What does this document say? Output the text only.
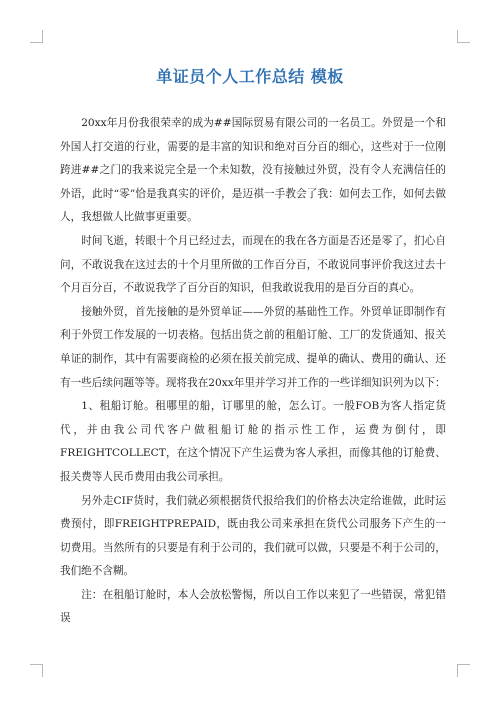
单证员个人工作总结 模板

20xx年月份我很荣幸的成为##国际贸易有限公司的一名员工。外贸是一个和外国人打交道的行业，需要的是丰富的知识和绝对百分百的细心，这些对于一位刚跨进##之门的我来说完全是一个未知数，没有接触过外贸，没有令人充满信任的外语，此时“零”恰是我真实的评价，是迈祺一手教会了我：如何去工作，如何去做人，我想做人比做事更重要。

时间飞逝，转眼十个月已经过去，而现在的我在各方面是否还是零了，扪心自问，不敢说我在这过去的十个月里所做的工作百分百，不敢说同事评价我这过去十个月百分百，不敢说我学了百分百的知识，但我敢说我用的是百分百的真心。

接触外贸，首先接触的是外贸单证——外贸的基础性工作。外贸单证即制作有利于外贸工作发展的一切表格。包括出货之前的租船订舱、工厂的发货通知、报关单证的制作，其中有需要商检的必须在报关前完成、提单的确认、费用的确认、还有一些后续问题等等。现将我在20xx年里并学习并工作的一些详细知识列为以下：

1、租船订舱。租哪里的船，订哪里的舱，怎么订。一般FOB为客人指定货代，并由我公司代客户做租船订舱的指示性工作，运费为倒付，即FREIGHTCOLLECT，在这个情况下产生运费为客人承担，而像其他的订舱费、报关费等人民币费用由我公司承担。

另外走CIF货时，我们就必须根据货代报给我们的价格去决定给谁做，此时运费预付，即FREIGHTPREPAID，既由我公司来承担在货代公司服务下产生的一切费用。当然所有的只要是有利于公司的，我们就可以做，只要是不利于公司的，我们绝不含糊。

注：在租船订舱时，本人会放松警惕，所以自工作以来犯了一些错误，常犯错误
